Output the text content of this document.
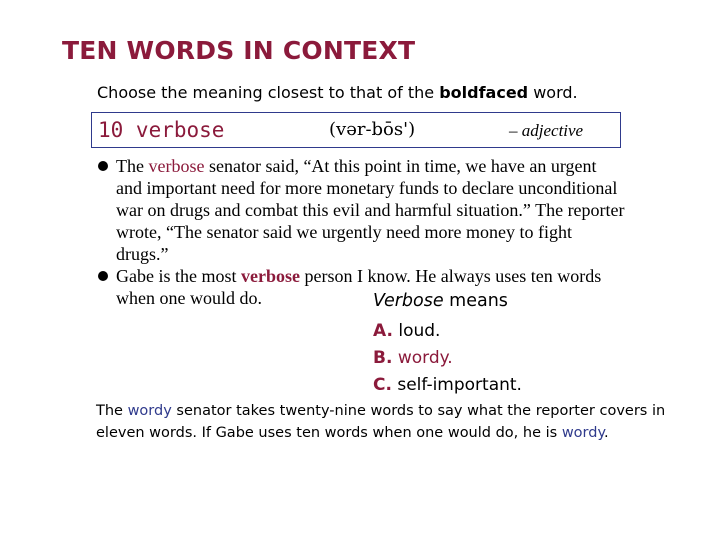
TEN WORDS IN CONTEXT
Choose the meaning closest to that of the boldfaced word.
10 verbose	(vər-bōs')	– adjective
The verbose senator said, “At this point in time, we have an urgent and important need for more monetary funds to declare unconditional war on drugs and combat this evil and harmful situation.” The reporter wrote, “The senator said we urgently need more money to fight drugs.”
Gabe is the most verbose person I know. He always uses ten words when one would do.	Verbose means
A. loud.
B. wordy.
C. self-important.
The wordy senator takes twenty-nine words to say what the reporter covers in eleven words. If Gabe uses ten words when one would do, he is wordy.
